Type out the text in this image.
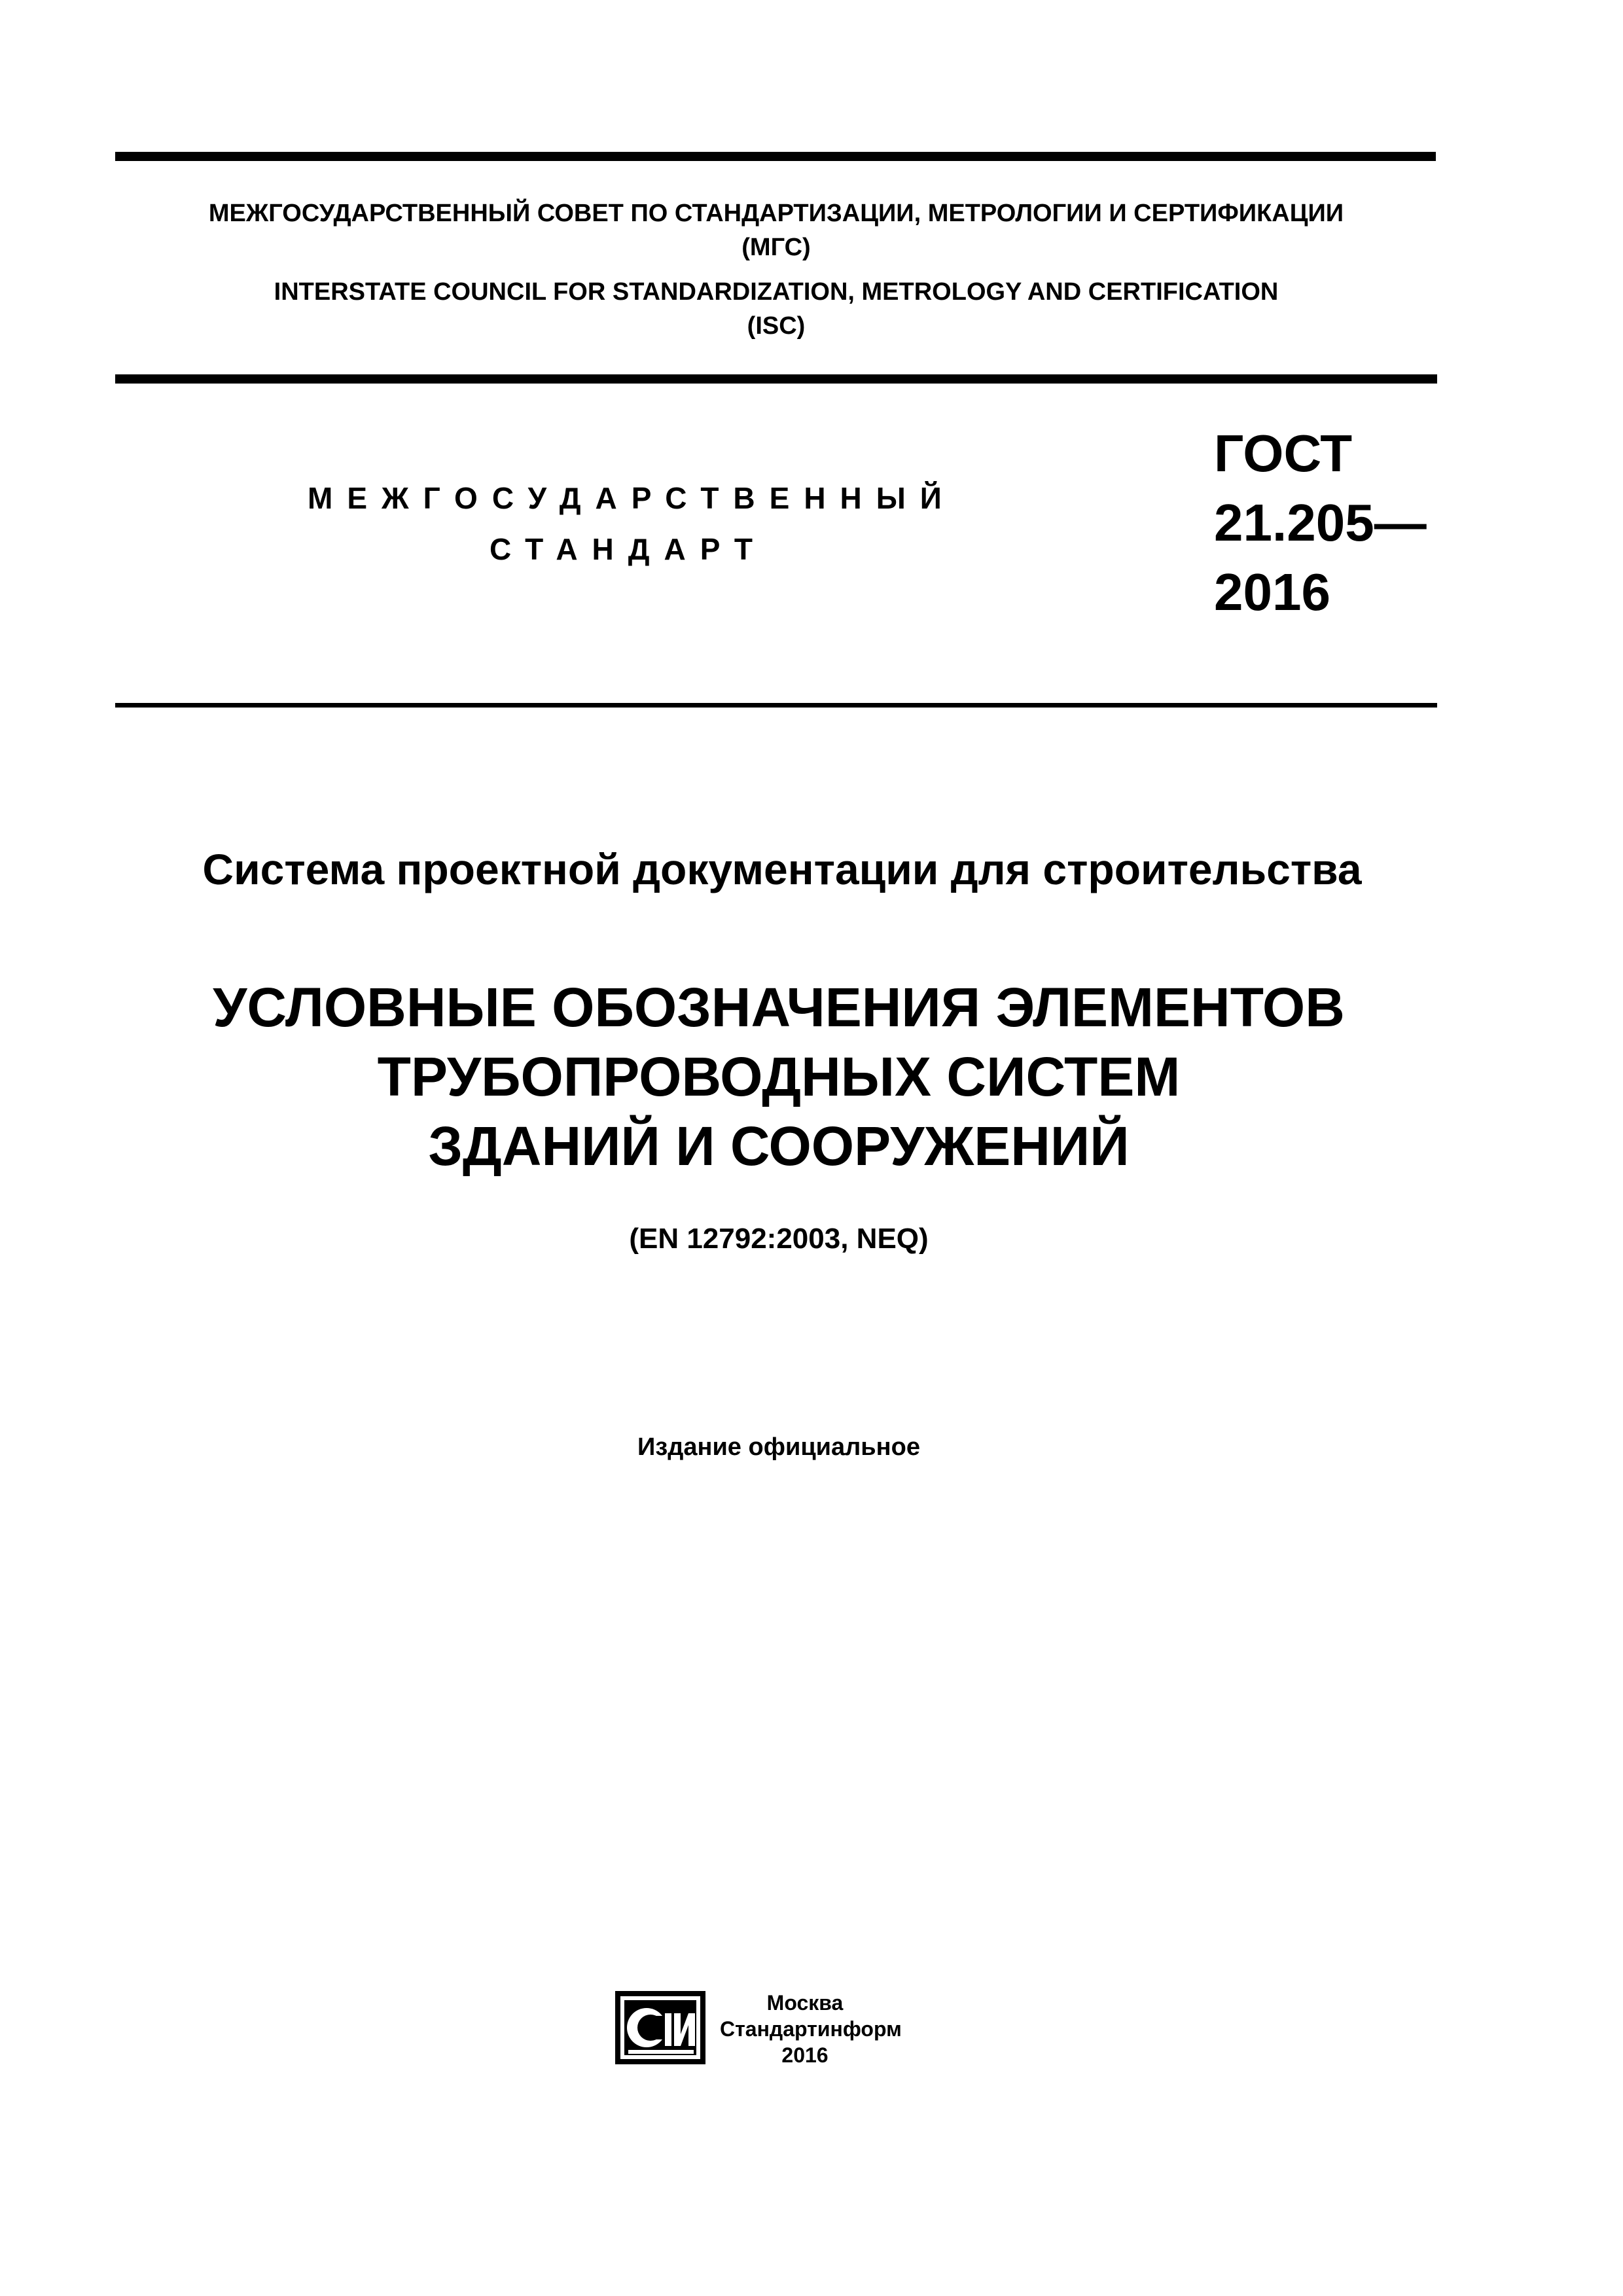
МЕЖГОСУДАРСТВЕННЫЙ СОВЕТ ПО СТАНДАРТИЗАЦИИ, МЕТРОЛОГИИ И СЕРТИФИКАЦИИ
(МГС)
INTERSTATE COUNCIL FOR STANDARDIZATION, METROLOGY AND CERTIFICATION
(ISC)
МЕЖГОСУДАРСТВЕННЫЙ
СТАНДАРТ
ГОСТ
21.205—
2016
Система проектной документации для строительства
УСЛОВНЫЕ ОБОЗНАЧЕНИЯ ЭЛЕМЕНТОВ
ТРУБОПРОВОДНЫХ СИСТЕМ
ЗДАНИЙ И СООРУЖЕНИЙ
(EN 12792:2003, NEQ)
Издание официальное
Москва
Стандартинформ
2016
